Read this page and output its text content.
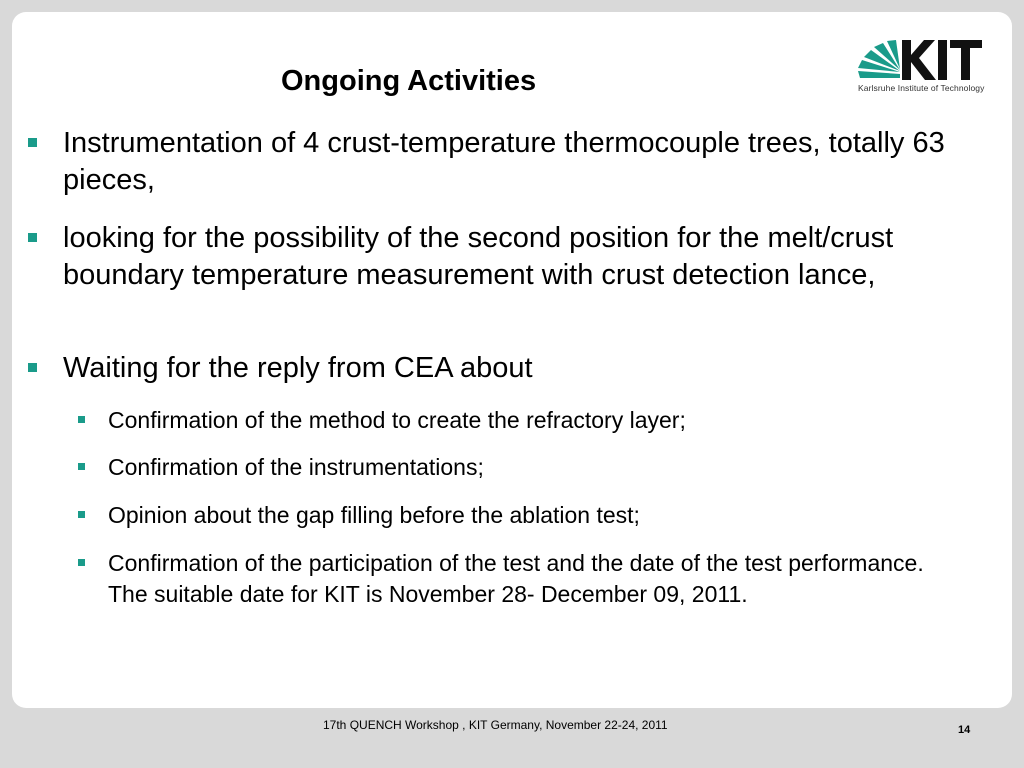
Ongoing Activities	Karlsruhe Institute of Technology
Instrumentation of 4 crust-temperature thermocouple trees, totally 63 pieces,
looking for the possibility of the second position for the melt/crust boundary temperature measurement with crust detection lance,
Waiting for the reply from CEA about
Confirmation of the method to create the refractory layer;
Confirmation of the instrumentations;
Opinion about the gap filling before the ablation test;
Confirmation of the participation of the test and the date of the test performance. The suitable date for KIT is November 28- December 09, 2011.
17th QUENCH Workshop , KIT Germany, November 22-24, 2011	14
